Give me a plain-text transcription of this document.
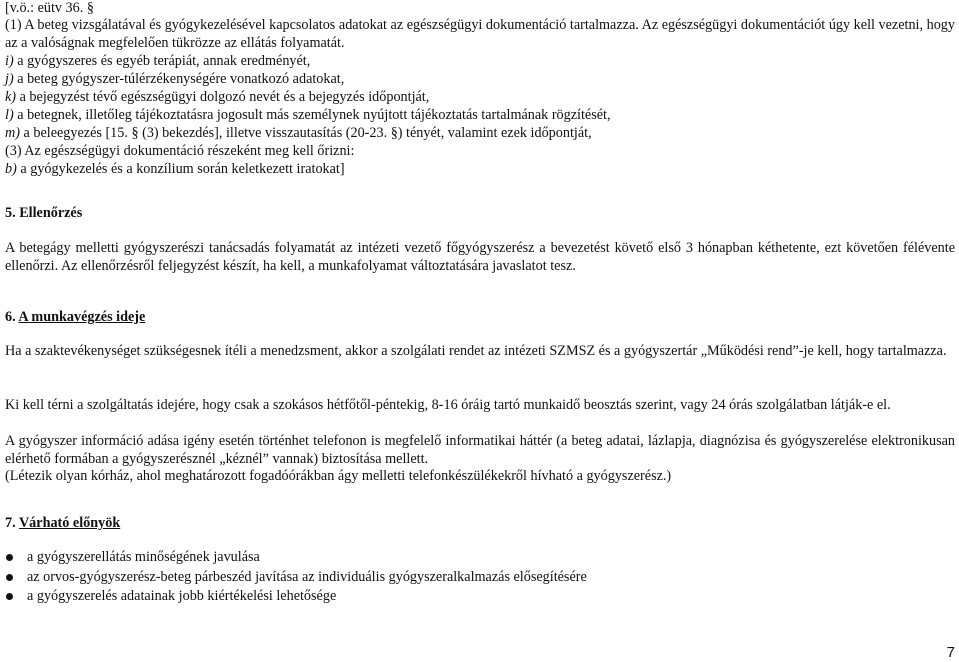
[v.ö.: eütv 36. §
(1) A beteg vizsgálatával és gyógykezelésével kapcsolatos adatokat az egészségügyi dokumentáció tartalmazza. Az egészségügyi dokumentációt úgy kell vezetni, hogy az a valóságnak megfelelően tükrözze az ellátás folyamatát.
i) a gyógyszeres és egyéb terápiát, annak eredményét,
j) a beteg gyógyszer-túlérzékenységére vonatkozó adatokat,
k) a bejegyzést tévő egészségügyi dolgozó nevét és a bejegyzés időpontját,
l) a betegnek, illetőleg tájékoztatásra jogosult más személynek nyújtott tájékoztatás tartalmának rögzítését,
m) a beleegyezés [15. § (3) bekezdés], illetve visszautasítás (20-23. §) tényét, valamint ezek időpontját,
(3) Az egészségügyi dokumentáció részeként meg kell őrizni:
b) a gyógykezelés és a konzílium során keletkezett iratokat]
5. Ellenőrzés
A betegágy melletti gyógyszerészi tanácsadás folyamatát az intézeti vezető főgyógyszerész a bevezetést követő első 3 hónapban kéthetente, ezt követően félévente ellenőrzi. Az ellenőrzésről feljegyzést készít, ha kell, a munkafolyamat változtatására javaslatot tesz.
6. A munkavégzés ideje
Ha a szaktevékenységet szükségesnek ítéli a menedzsment, akkor a szolgálati rendet az intézeti SZMSZ és a gyógyszertár „Működési rend”-je kell, hogy tartalmazza.
Ki kell térni a szolgáltatás idejére, hogy csak a szokásos hétfőtől-péntekig, 8-16 óráig tartó munkaidő beosztás szerint, vagy 24 órás szolgálatban látják-e el.
A gyógyszer információ adása igény esetén történhet telefonon is megfelelő informatikai háttér (a beteg adatai, lázlapja, diagnózisa és gyógyszerelése elektronikusan elérhető formában a gyógyszerésznél „kéznél” vannak) biztosítása mellett.
(Létezik olyan kórház, ahol meghatározott fogadóórákban ágy melletti telefonkészülékekről hívható a gyógyszerész.)
7. Várható előnyök
a gyógyszerellátás minőségének javulása
az orvos-gyógyszerész-beteg párbeszéd javítása az individuális gyógyszeralkalmazás elősegítésére
a gyógyszerelés adatainak jobb kiértékelési lehetősége
7
